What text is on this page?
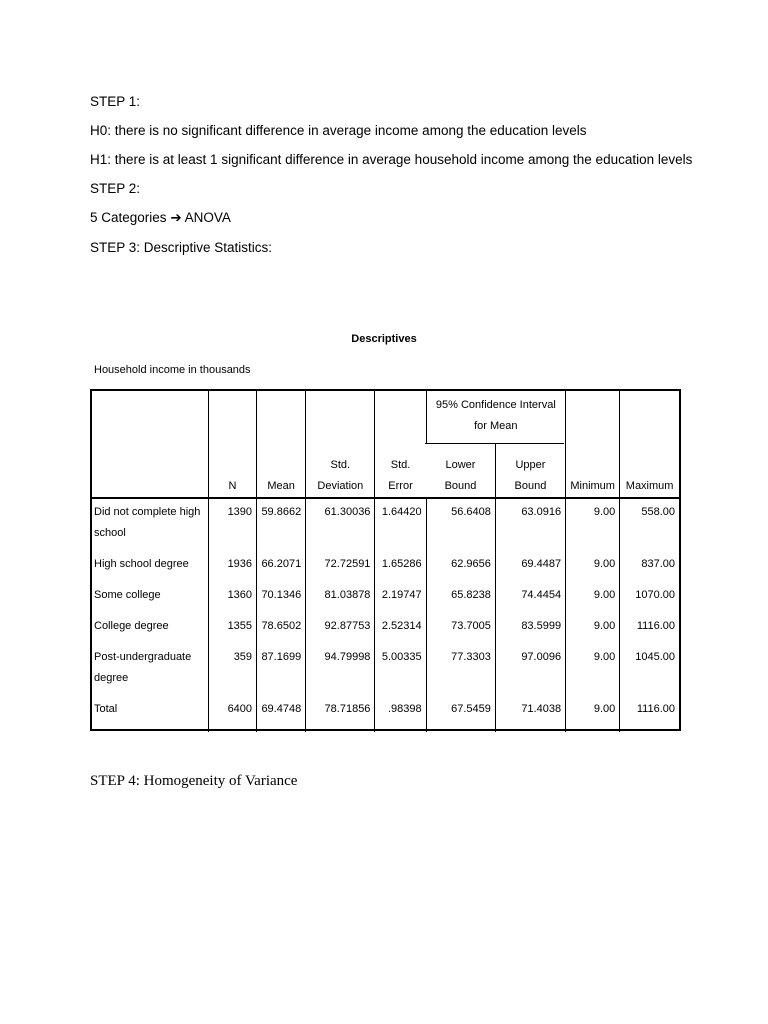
STEP 1:
H0: there is no significant difference in average income among the education levels
H1: there is at least 1 significant difference in average household income among the education levels
STEP 2:
5 Categories ➔ ANOVA
STEP 3: Descriptive Statistics:
Descriptives
Household income in thousands
	N	Mean	Std. Deviation	Std. Error	95% Confidence Interval for Mean		Minimum	Maximum
					Lower Bound	Upper Bound		
Did not complete high school	1390	59.8662	61.30036	1.64420	56.6408	63.0916	9.00	558.00
High school degree	1936	66.2071	72.72591	1.65286	62.9656	69.4487	9.00	837.00
Some college	1360	70.1346	81.03878	2.19747	65.8238	74.4454	9.00	1070.00
College degree	1355	78.6502	92.87753	2.52314	73.7005	83.5999	9.00	1116.00
Post-undergraduate degree	359	87.1699	94.79998	5.00335	77.3303	97.0096	9.00	1045.00
Total	6400	69.4748	78.71856	.98398	67.5459	71.4038	9.00	1116.00
STEP 4: Homogeneity of Variance
